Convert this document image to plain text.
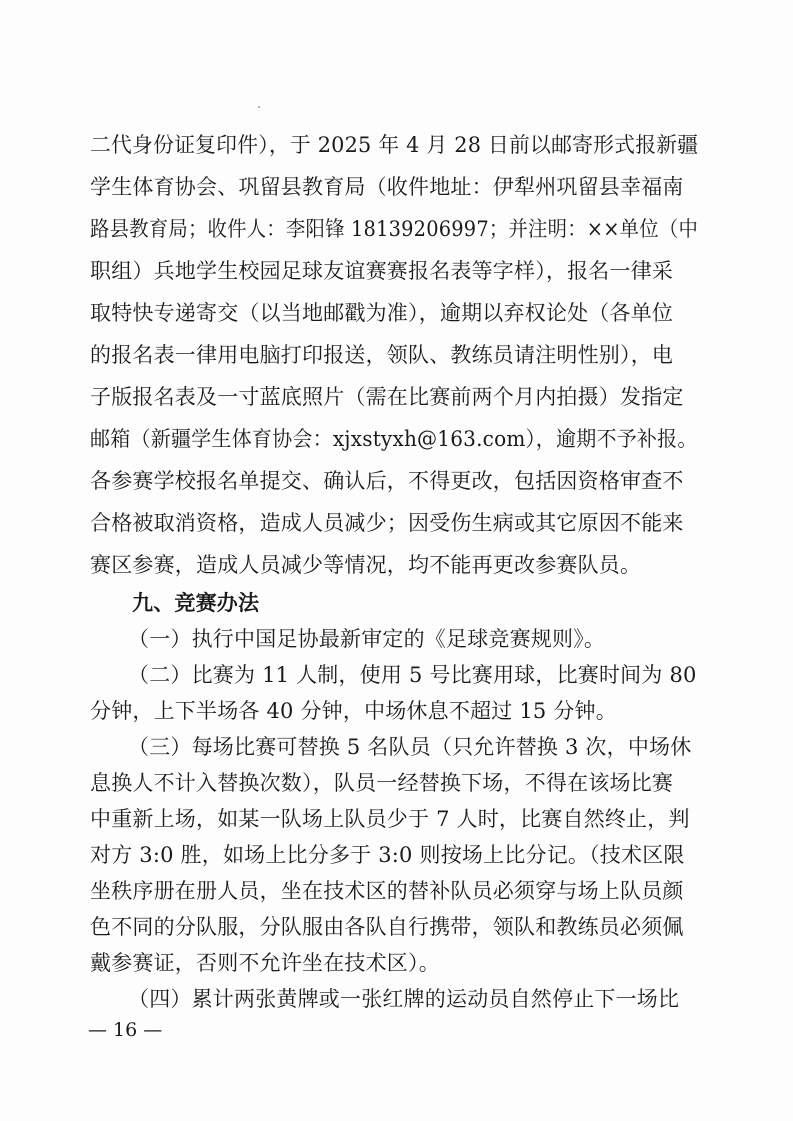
二代身份证复印件），于 2025 年 4 月 28 日前以邮寄形式报新疆
学生体育协会、巩留县教育局（收件地址：伊犁州巩留县幸福南
路县教育局；收件人：李阳锋 18139206997；并注明：××单位（中
职组）兵地学生校园足球友谊赛赛报名表等字样），报名一律采
取特快专递寄交（以当地邮戳为准），逾期以弃权论处（各单位
的报名表一律用电脑打印报送，领队、教练员请注明性别），电
子版报名表及一寸蓝底照片（需在比赛前两个月内拍摄）发指定
邮箱（新疆学生体育协会：xjxstyxh@163.com），逾期不予补报。
各参赛学校报名单提交、确认后，不得更改，包括因资格审查不
合格被取消资格，造成人员减少；因受伤生病或其它原因不能来
赛区参赛，造成人员减少等情况，均不能再更改参赛队员。
九、竞赛办法
（一）执行中国足协最新审定的《足球竞赛规则》。
（二）比赛为 11 人制，使用 5 号比赛用球，比赛时间为 80
分钟，上下半场各 40 分钟，中场休息不超过 15 分钟。
（三）每场比赛可替换 5 名队员（只允许替换 3 次，中场休
息换人不计入替换次数），队员一经替换下场，不得在该场比赛
中重新上场，如某一队场上队员少于 7 人时，比赛自然终止，判
对方 3:0 胜，如场上比分多于 3:0 则按场上比分记。（技术区限
坐秩序册在册人员，坐在技术区的替补队员必须穿与场上队员颜
色不同的分队服，分队服由各队自行携带，领队和教练员必须佩
戴参赛证，否则不允许坐在技术区）。
（四）累计两张黄牌或一张红牌的运动员自然停止下一场比
— 16 —
